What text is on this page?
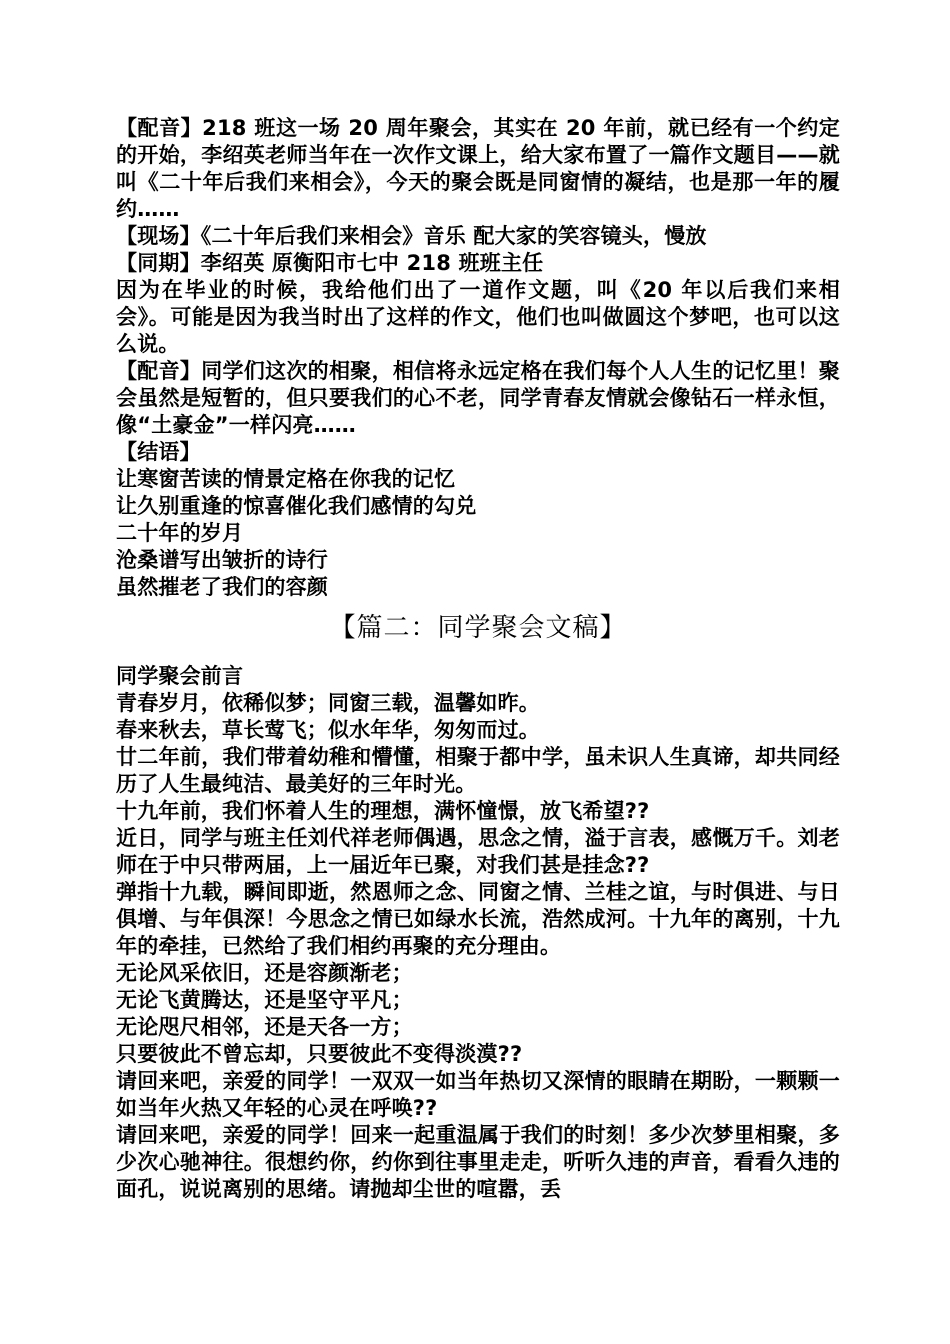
【配音】218 班这一场 20 周年聚会，其实在 20 年前，就已经有一个约定的开始，李绍英老师当年在一次作文课上，给大家布置了一篇作文题目——就叫《二十年后我们来相会》，今天的聚会既是同窗情的凝结，也是那一年的履约……

【现场】《二十年后我们来相会》音乐 配大家的笑容镜头，慢放

【同期】李绍英 原衡阳市七中 218 班班主任

因为在毕业的时候，我给他们出了一道作文题，叫《20 年以后我们来相会》。可能是因为我当时出了这样的作文，他们也叫做圆这个梦吧，也可以这么说。

【配音】同学们这次的相聚，相信将永远定格在我们每个人人生的记忆里！聚会虽然是短暂的，但只要我们的心不老，同学青春友情就会像钻石一样永恒，像“土豪金”一样闪亮……

【结语】

让寒窗苦读的情景定格在你我的记忆

让久别重逢的惊喜催化我们感情的勾兑

二十年的岁月

沧桑谱写出皱折的诗行

虽然摧老了我们的容颜

【篇二：同学聚会文稿】

同学聚会前言

青春岁月，依稀似梦；同窗三载，温馨如昨。

春来秋去，草长莺飞；似水年华，匆匆而过。

廿二年前，我们带着幼稚和懵懂，相聚于都中学，虽未识人生真谛，却共同经历了人生最纯洁、最美好的三年时光。

十九年前，我们怀着人生的理想，满怀憧憬，放飞希望??

近日，同学与班主任刘代祥老师偶遇，思念之情，溢于言表，感慨万千。刘老师在于中只带两届，上一届近年已聚，对我们甚是挂念??

弹指十九载，瞬间即逝，然恩师之念、同窗之情、兰桂之谊，与时俱进、与日俱增、与年俱深！今思念之情已如绿水长流，浩然成河。十九年的离别，十九年的牵挂，已然给了我们相约再聚的充分理由。

无论风采依旧，还是容颜渐老；

无论飞黄腾达，还是坚守平凡；

无论咫尺相邻，还是天各一方；

只要彼此不曾忘却，只要彼此不变得淡漠??

请回来吧，亲爱的同学！一双双一如当年热切又深情的眼睛在期盼，一颗颗一如当年火热又年轻的心灵在呼唤??

请回来吧，亲爱的同学！回来一起重温属于我们的时刻！多少次梦里相聚，多少次心驰神往。很想约你，约你到往事里走走，听听久违的声音，看看久违的面孔，说说离别的思绪。请抛却尘世的喧嚣，丢
